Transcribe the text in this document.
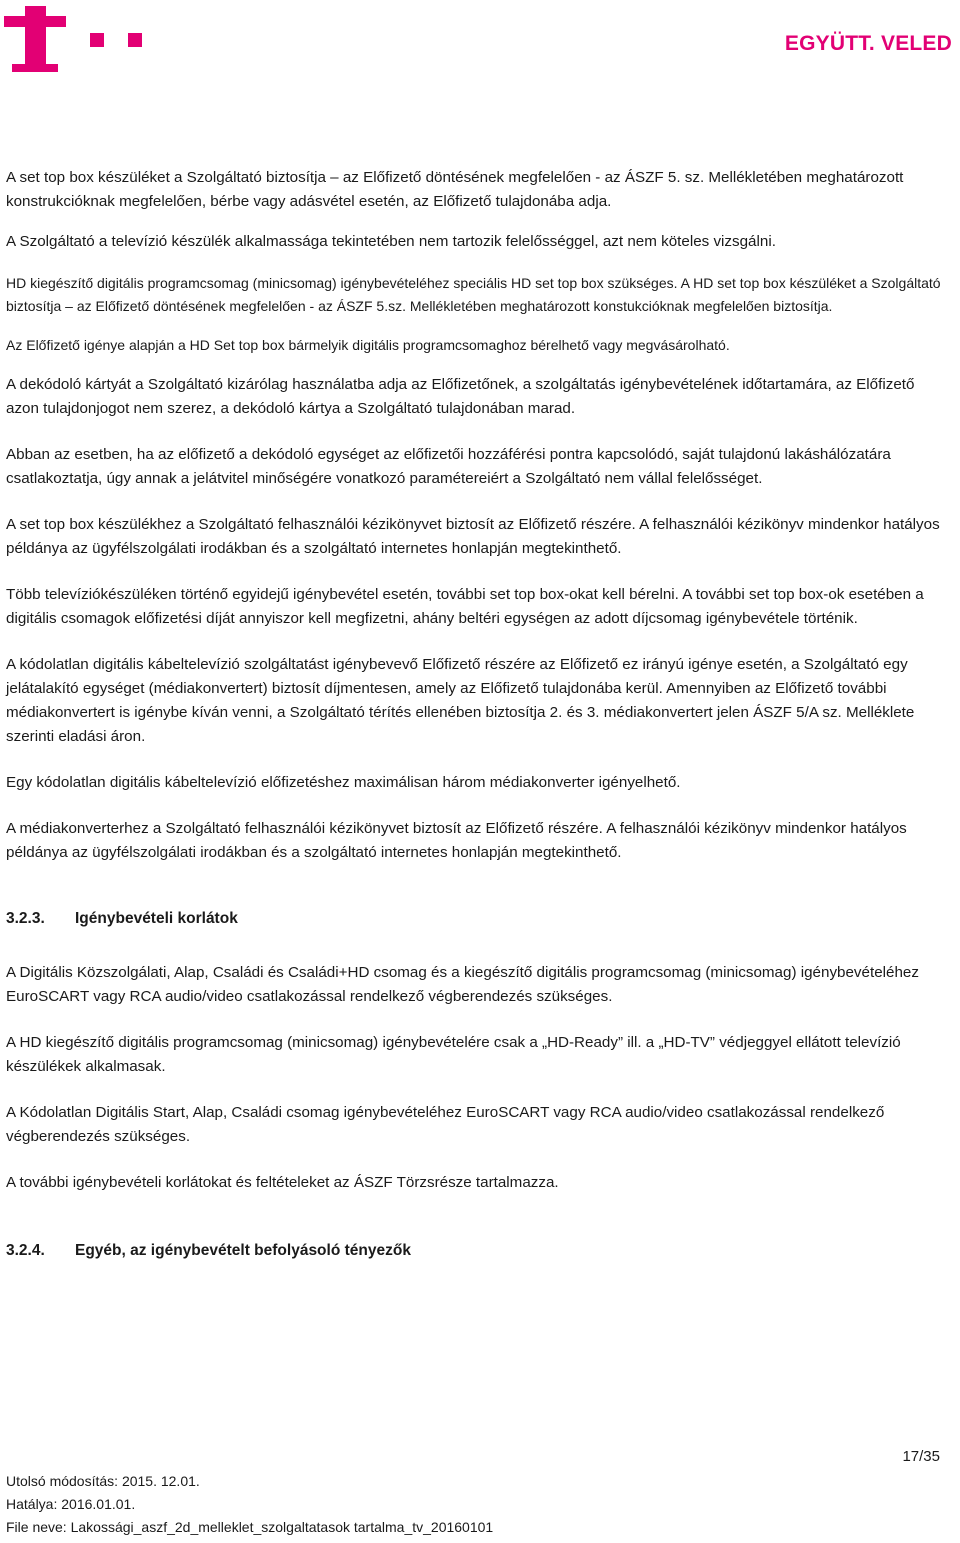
EGYÜTT. VELED

A set top box készüléket a Szolgáltató biztosítja – az Előfizető döntésének megfelelően - az ÁSZF 5. sz. Mellékletében meghatározott konstrukcióknak megfelelően, bérbe vagy adásvétel esetén, az Előfizető tulajdonába adja.

A Szolgáltató a televízió készülék alkalmassága tekintetében nem tartozik felelősséggel, azt nem köteles vizsgálni.

HD kiegészítő digitális programcsomag (minicsomag) igénybevételéhez speciális HD set top box szükséges. A HD set top box készüléket a Szolgáltató biztosítja – az Előfizető döntésének megfelelően - az ÁSZF 5.sz. Mellékletében meghatározott konstukcióknak megfelelően biztosítja.

Az Előfizető igénye alapján a HD Set top box bármelyik digitális programcsomaghoz bérelhető vagy megvásárolható.

A dekódoló kártyát a Szolgáltató kizárólag használatba adja az Előfizetőnek, a szolgáltatás igénybevételének időtartamára, az Előfizető azon tulajdonjogot nem szerez, a dekódoló kártya a Szolgáltató tulajdonában marad.

Abban az esetben, ha az előfizető a dekódoló egységet az előfizetői hozzáférési pontra kapcsolódó, saját tulajdonú lakáshálózatára csatlakoztatja, úgy annak a jelátvitel minőségére vonatkozó paramétereiért a Szolgáltató nem vállal felelősséget.

A set top box készülékhez a Szolgáltató felhasználói kézikönyvet biztosít az Előfizető részére. A felhasználói kézikönyv mindenkor hatályos példánya az ügyfélszolgálati irodákban és a szolgáltató internetes honlapján megtekinthető.

Több televíziókészüléken történő egyidejű igénybevétel esetén, további set top box-okat kell bérelni. A további set top box-ok esetében a digitális csomagok előfizetési díját annyiszor kell megfizetni, ahány beltéri egységen az adott díjcsomag igénybevétele történik.

A kódolatlan digitális kábeltelevízió szolgáltatást igénybevevő Előfizető részére az Előfizető ez irányú igénye esetén, a Szolgáltató egy jelátalakító egységet (médiakonvertert) biztosít díjmentesen, amely az Előfizető tulajdonába kerül. Amennyiben az Előfizető további médiakonvertert is igénybe kíván venni, a Szolgáltató térítés ellenében biztosítja 2. és 3. médiakonvertert jelen ÁSZF 5/A sz. Melléklete szerinti eladási áron.

Egy kódolatlan digitális kábeltelevízió előfizetéshez maximálisan három médiakonverter igényelhető.

A médiakonverterhez a Szolgáltató felhasználói kézikönyvet biztosít az Előfizető részére. A felhasználói kézikönyv mindenkor hatályos példánya az ügyfélszolgálati irodákban és a szolgáltató internetes honlapján megtekinthető.

3.2.3. Igénybevételi korlátok

A Digitális Közszolgálati, Alap, Családi és Családi+HD csomag és a kiegészítő digitális programcsomag (minicsomag) igénybevételéhez EuroSCART vagy RCA audio/video csatlakozással rendelkező végberendezés szükséges.

A HD kiegészítő digitális programcsomag (minicsomag) igénybevételére csak a „HD-Ready” ill. a „HD-TV” védjeggyel ellátott televízió készülékek alkalmasak.

A Kódolatlan Digitális Start, Alap, Családi csomag igénybevételéhez EuroSCART vagy RCA audio/video csatlakozással rendelkező végberendezés szükséges.

A további igénybevételi korlátokat és feltételeket az ÁSZF Törzsrésze tartalmazza.

3.2.4. Egyéb, az igénybevételt befolyásoló tényezők
17/35
Utolsó módosítás: 2015. 12.01.
Hatálya: 2016.01.01.
File neve: Lakossági_aszf_2d_melleklet_szolgaltatasok tartalma_tv_20160101
